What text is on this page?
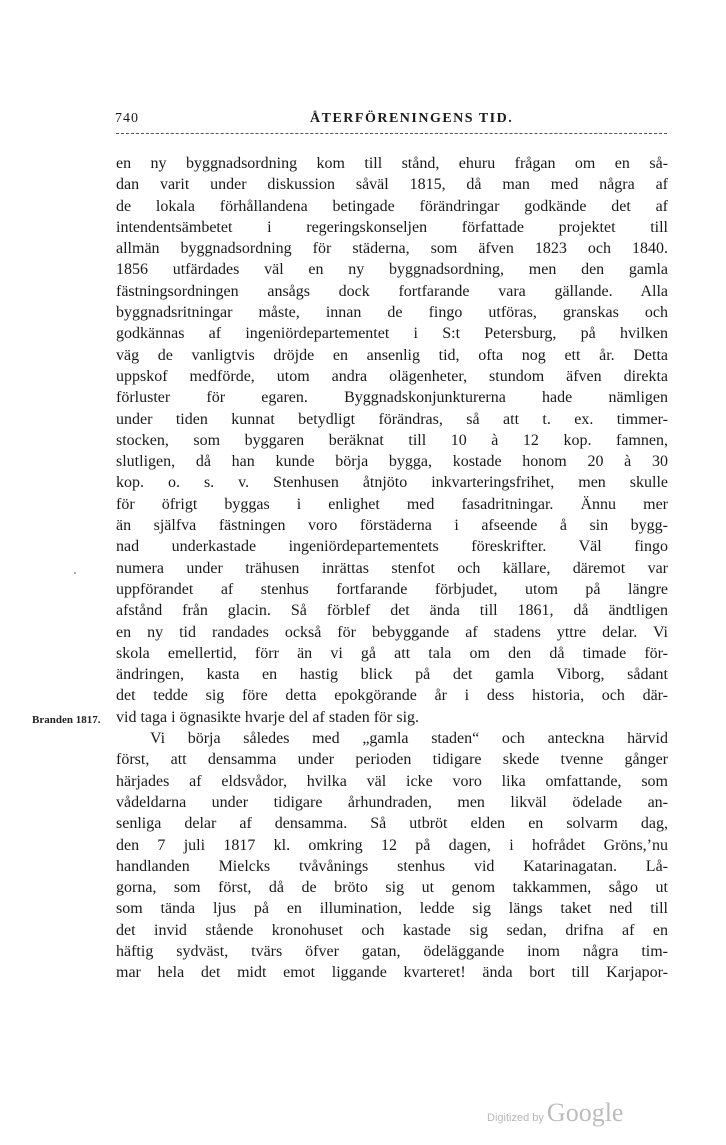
740	ÅTERFÖRENINGENS TID.
Branden 1817.
en ny byggnadsordning kom till stånd, ehuru frågan om en så-
dan varit under diskussion såväl 1815, då man med några af
de lokala förhållandena betingade förändringar godkände det af
intendentsämbetet i regeringskonseljen författade projektet till
allmän byggnadsordning för städerna, som äfven 1823 och 1840.
1856 utfärdades väl en ny byggnadsordning, men den gamla
fästningsordningen ansågs dock fortfarande vara gällande. Alla
byggnadsritningar måste, innan de fingo utföras, granskas och
godkännas af ingeniördepartementet i S:t Petersburg, på hvilken
väg de vanligtvis dröjde en ansenlig tid, ofta nog ett år. Detta
uppskof medförde, utom andra olägenheter, stundom äfven direkta
förluster för egaren. Byggnadskonjunkturerna hade nämligen
under tiden kunnat betydligt förändras, så att t. ex. timmer-
stocken, som byggaren beräknat till 10 à 12 kop. famnen,
slutligen, då han kunde börja bygga, kostade honom 20 à 30
kop. o. s. v. Stenhusen åtnjöto inkvarteringsfrihet, men skulle
för öfrigt byggas i enlighet med fasadritningar. Ännu mer
än själfva fästningen voro förstäderna i afseende å sin bygg-
nad underkastade ingeniördepartementets föreskrifter. Väl fingo
numera under trähusen inrättas stenfot och källare, däremot var
uppförandet af stenhus fortfarande förbjudet, utom på längre
afstånd från glacin. Så förblef det ända till 1861, då ändtligen
en ny tid randades också för bebyggande af stadens yttre delar. Vi
skola emellertid, förr än vi gå att tala om den då timade för-
ändringen, kasta en hastig blick på det gamla Viborg, sådant
det tedde sig före detta epokgörande år i dess historia, och där-
vid taga i ögnasikte hvarje del af staden för sig.
Vi börja således med „gamla staden“ och anteckna härvid
först, att densamma under perioden tidigare skede tvenne gånger
härjades af eldsvådor, hvilka väl icke voro lika omfattande, som
vådeldarna under tidigare århundraden, men likväl ödelade an-
senliga delar af densamma. Så utbröt elden en solvarm dag,
den 7 juli 1817 kl. omkring 12 på dagen, i hofrådet Gröns,’nu
handlanden Mielcks tvåvånings stenhus vid Katarinagatan. Lå-
gorna, som först, då de bröto sig ut genom takkammen, sågo ut
som tända ljus på en illumination, ledde sig längs taket ned till
det invid stående kronohuset och kastade sig sedan, drifna af en
häftig sydväst, tvärs öfver gatan, ödeläggande inom några tim-
mar hela det midt emot liggande kvarteret! ända bort till Karjapor-
Digitized by Google
